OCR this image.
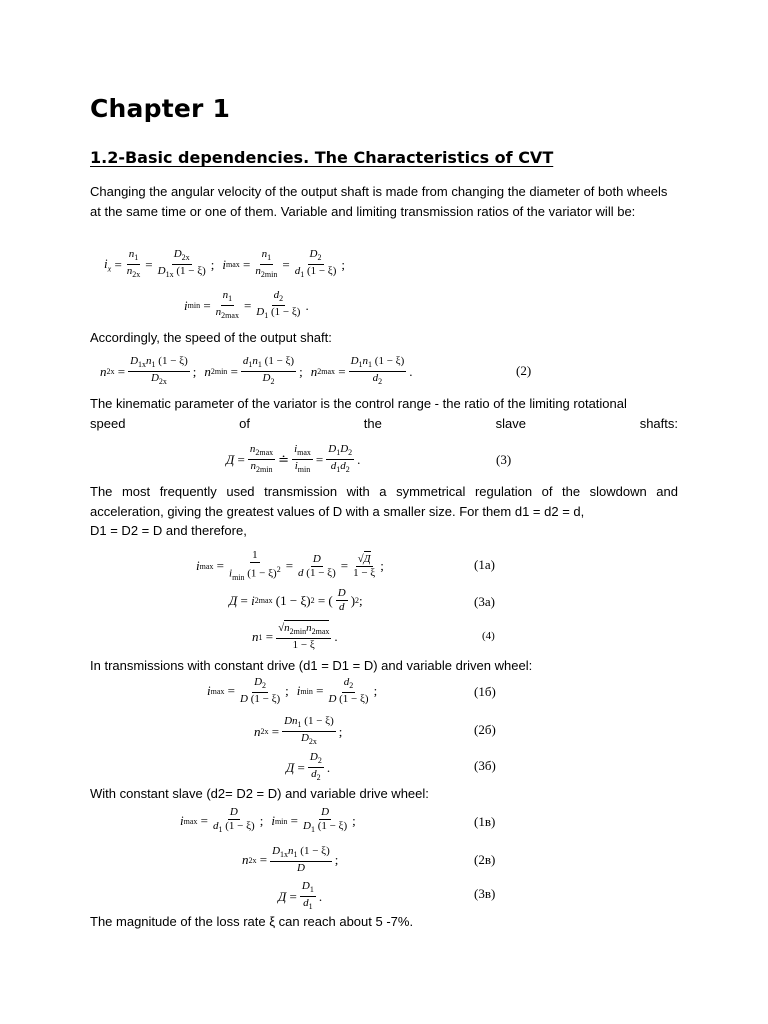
Chapter 1
1.2-Basic dependencies. The Characteristics of CVT

Changing the angular velocity of the output shaft is made from changing the diameter of both wheels at the same time or one of them. Variable and limiting transmission ratios of the variator will be:

$i_x = \frac{n_1}{n_{2x}} = \frac{D_{2x}}{D_{1x} (1 - \xi)}$ ; i $\max = \frac{n_1}{n_{2min}} = \frac{D_2}{d_1 (1 - \xi)}$ ;
i $\min = \frac{n_1}{n_{2max}} = \frac{d_2}{D_1 (1 - \xi)}$ .

Accordingly, the speed of the output shaft:

n $2x = \frac{D_{1x}n_1 (1 - \xi)}{D_{2x}}$ ; n $2\min = \frac{d_1n_1 (1 - \xi)}{D_2}$ ; n $2\max = \frac{D_1n_1 (1 - \xi)}{d_2}$ .	(2)
The kinematic parameter of the variator is the control range - the ratio of the limiting rotational
speed	of	the	slave	shafts:
$Д = \frac{n_{2max}}{n_{2min}}$ ≐ $\frac{i_{max}}{i_{min}} = \frac{D_1D_2}{d_1d_2}$ .	(3)

The most frequently used transmission with a symmetrical regulation of the slowdown and acceleration, giving the greatest values of D with a smaller size. For them d1 = d2 = d,
D1 = D2 = D and therefore,

i $\max = \frac{1}{i_{min} (1 - \xi)^2} = \frac{D}{d (1 - \xi)} = \frac{√Д}{1 - \xi}$ ;	(1a)
Д = i 2 max (1 − ξ) 2 = ( $\frac{D}{d}$ ) 2 ;	(3a)
n $1 = \frac{√n_{2min}n_{2max}}{1 - \xi}$ .	(4)

In transmissions with constant drive (d1 = D1 = D) and variable driven wheel:

i $\max = \frac{D_2}{D (1 - \xi)}$ ; i $\min = \frac{d_2}{D (1 - \xi)}$ ;	(1б)
n $2x = \frac{Dn_1 (1 - \xi)}{D_{2x}}$ ;	(2б)
$Д = \frac{D_2}{d_2}$ .	(3б)

With constant slave (d2= D2 = D) and variable drive wheel:

i $\max = \frac{D}{d_1 (1 - \xi)}$ ; i $\min = \frac{D}{D_1 (1 - \xi)}$ ;	(1в)
n $2x = \frac{D_{1x}n_1 (1 - \xi)}{D}$ ;	(2в)
$Д = \frac{D_1}{d_1}$ .	(3в)

The magnitude of the loss rate ξ can reach about 5 -7%.
